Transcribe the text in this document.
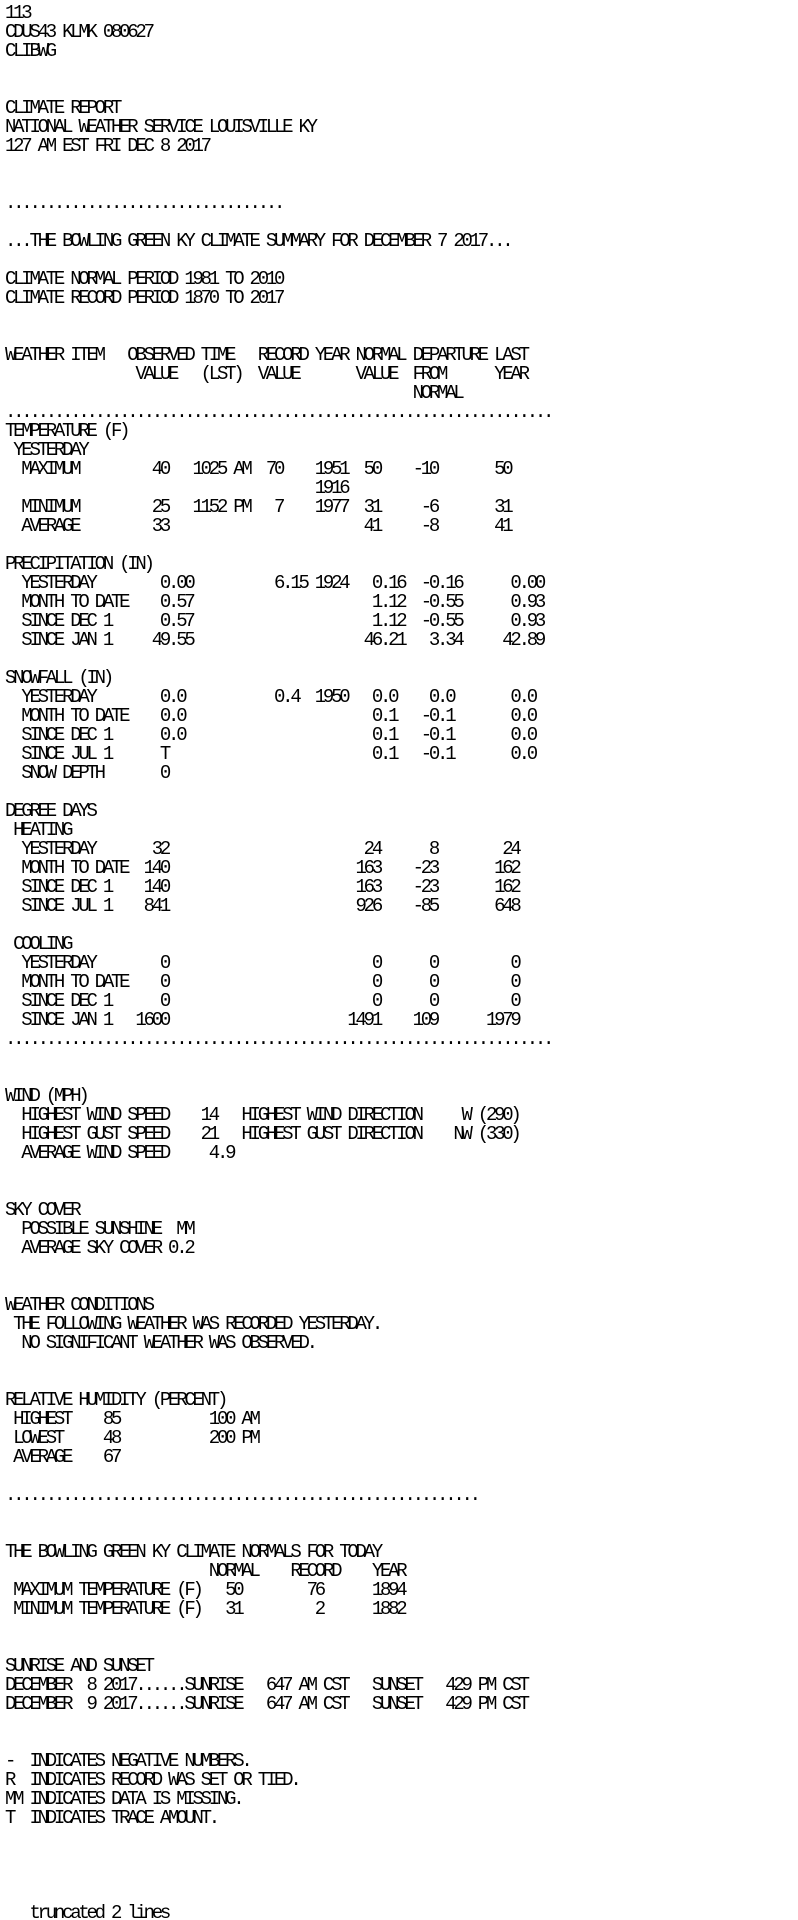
113
CDUS43 KLMK 080627
CLIBWG
CLIMATE REPORT
NATIONAL WEATHER SERVICE LOUISVILLE KY
127 AM EST FRI DEC 8 2017
..................................
...THE BOWLING GREEN KY CLIMATE SUMMARY FOR DECEMBER 7 2017...
CLIMATE NORMAL PERIOD 1981 TO 2010
CLIMATE RECORD PERIOD 1870 TO 2017
WEATHER ITEM   OBSERVED TIME   RECORD YEAR NORMAL DEPARTURE LAST
VALUE   (LST)  VALUE       VALUE  FROM      YEAR
NORMAL
...................................................................
TEMPERATURE (F)
YESTERDAY
MAXIMUM         40   1025 AM  70    1951  50    -10       50
1916
MINIMUM         25   1152 PM   7    1977  31     -6       31
AVERAGE         33                        41     -8       41
PRECIPITATION (IN)
YESTERDAY        0.00          6.15 1924   0.16  -0.16      0.00
MONTH TO DATE    0.57                      1.12  -0.55      0.93
SINCE DEC 1      0.57                      1.12  -0.55      0.93
SINCE JAN 1     49.55                     46.21   3.34     42.89
SNOWFALL (IN)
YESTERDAY        0.0           0.4  1950   0.0    0.0       0.0
MONTH TO DATE    0.0                       0.1   -0.1       0.0
SINCE DEC 1      0.0                       0.1   -0.1       0.0
SINCE JUL 1      T                         0.1   -0.1       0.0
SNOW DEPTH       0
DEGREE DAYS
HEATING
YESTERDAY       32                        24      8        24
MONTH TO DATE  140                       163    -23       162
SINCE DEC 1    140                       163    -23       162
SINCE JUL 1    841                       926    -85       648
COOLING
YESTERDAY        0                         0      0         0
MONTH TO DATE    0                         0      0         0
SINCE DEC 1      0                         0      0         0
SINCE JAN 1   1600                      1491    109      1979
...................................................................
WIND (MPH)
HIGHEST WIND SPEED    14   HIGHEST WIND DIRECTION     W (290)
HIGHEST GUST SPEED    21   HIGHEST GUST DIRECTION    NW (330)
AVERAGE WIND SPEED     4.9
SKY COVER
POSSIBLE SUNSHINE  MM
AVERAGE SKY COVER 0.2
WEATHER CONDITIONS
THE FOLLOWING WEATHER WAS RECORDED YESTERDAY.
NO SIGNIFICANT WEATHER WAS OBSERVED.
RELATIVE HUMIDITY (PERCENT)
HIGHEST    85           100 AM
LOWEST     48           200 PM
AVERAGE    67
..........................................................
THE BOWLING GREEN KY CLIMATE NORMALS FOR TODAY
NORMAL    RECORD    YEAR
MAXIMUM TEMPERATURE (F)   50        76      1894
MINIMUM TEMPERATURE (F)   31         2      1882
SUNRISE AND SUNSET
DECEMBER  8 2017......SUNRISE   647 AM CST   SUNSET   429 PM CST
DECEMBER  9 2017......SUNRISE   647 AM CST   SUNSET   429 PM CST
-  INDICATES NEGATIVE NUMBERS.
R  INDICATES RECORD WAS SET OR TIED.
MM INDICATES DATA IS MISSING.
T  INDICATES TRACE AMOUNT.
truncated 2 lines
